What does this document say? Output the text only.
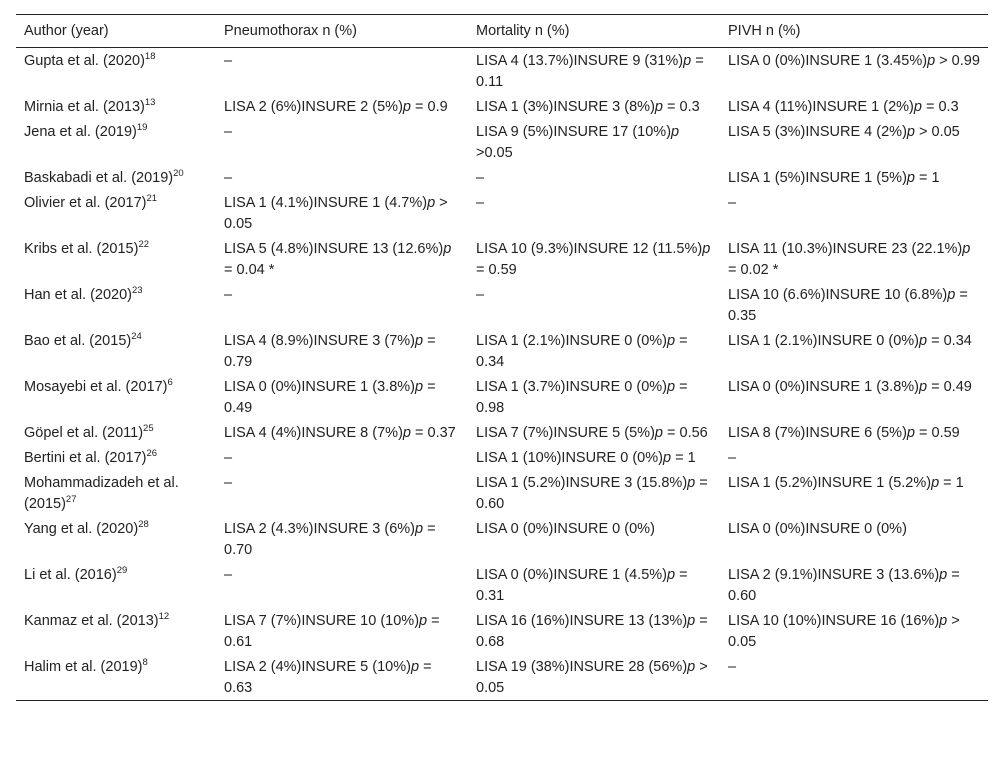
Author (year)	Pneumothorax n (%)	Mortality n (%)	PIVH n (%)
Gupta et al. $(2020)^{18}$	–	LISA 4 (13.7%)INSURE 9 (31%)p = 0.11	LISA 0 (0%)INSURE 1 (3.45%)p > 0.99
Mirnia et al. $(2013)^{13}$	LISA 2 (6%)INSURE 2 (5%)p = 0.9	LISA 1 (3%)INSURE 3 (8%)p = 0.3	LISA 4 (11%)INSURE 1 (2%)p = 0.3
Jena et al. $(2019)^{19}$	–	LISA 9 (5%)INSURE 17 (10%)p >0.05	LISA 5 (3%)INSURE 4 (2%)p > 0.05
Baskabadi et al. $(2019)^{20}$	–	–	LISA 1 (5%)INSURE 1 (5%)p = 1
Olivier et al. $(2017)^{21}$	LISA 1 (4.1%)INSURE 1 (4.7%)p > 0.05	–	–
Kribs et al. $(2015)^{22}$	LISA 5 (4.8%)INSURE 13 (12.6%)p = 0.04 *	LISA 10 (9.3%)INSURE 12 (11.5%)p = 0.59	LISA 11 (10.3%)INSURE 23 (22.1%)p = 0.02 *
Han et al. $(2020)^{23}$	–	–	LISA 10 (6.6%)INSURE 10 (6.8%)p = 0.35
Bao et al. $(2015)^{24}$	LISA 4 (8.9%)INSURE 3 (7%)p = 0.79	LISA 1 (2.1%)INSURE 0 (0%)p = 0.34	LISA 1 (2.1%)INSURE 0 (0%)p = 0.34
Mosayebi et al. $(2017)^6$	LISA 0 (0%)INSURE 1 (3.8%)p = 0.49	LISA 1 (3.7%)INSURE 0 (0%)p = 0.98	LISA 0 (0%)INSURE 1 (3.8%)p = 0.49
Göpel et al. $(2011)^{25}$	LISA 4 (4%)INSURE 8 (7%)p = 0.37	LISA 7 (7%)INSURE 5 (5%)p = 0.56	LISA 8 (7%)INSURE 6 (5%)p = 0.59
Bertini et al. $(2017)^{26}$	–	LISA 1 (10%)INSURE 0 (0%)p = 1	–
Mohammadizadeh et al. $(2015)^{27}$	–	LISA 1 (5.2%)INSURE 3 (15.8%)p = 0.60	LISA 1 (5.2%)INSURE 1 (5.2%)p = 1
Yang et al. $(2020)^{28}$	LISA 2 (4.3%)INSURE 3 (6%)p = 0.70	LISA 0 (0%)INSURE 0 (0%)	LISA 0 (0%)INSURE 0 (0%)
Li et al. $(2016)^{29}$	–	LISA 0 (0%)INSURE 1 (4.5%)p = 0.31	LISA 2 (9.1%)INSURE 3 (13.6%)p = 0.60
Kanmaz et al. $(2013)^{12}$	LISA 7 (7%)INSURE 10 (10%)p = 0.61	LISA 16 (16%)INSURE 13 (13%)p = 0.68	LISA 10 (10%)INSURE 16 (16%)p > 0.05
Halim et al. $(2019)^8$	LISA 2 (4%)INSURE 5 (10%)p = 0.63	LISA 19 (38%)INSURE 28 (56%)p > 0.05	–
